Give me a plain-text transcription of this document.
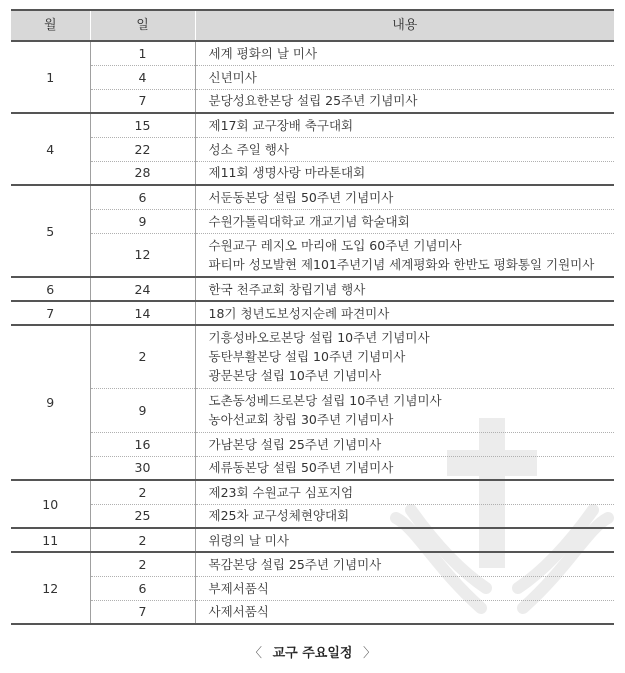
월	일	내용
1	1	세계 평화의 날 미사

	4	신년미사

	7	분당성요한본당 설립 25주년 기념미사

4	15	제17회 교구장배 축구대회

	22	성소 주일 행사

	28	제11회 생명사랑 마라톤대회

5	6	서둔동본당 설립 50주년 기념미사

	9	수원가톨릭대학교 개교기념 학술대회

	12	수원교구 레지오 마리애 도입 60주년 기념미사
파티마 성모발현 제101주년기념 세계평화와 한반도 평화통일 기원미사

6	24	한국 천주교회 창립기념 행사

7	14	18기 청년도보성지순례 파견미사

9	2	기흥성바오로본당 설립 10주년 기념미사
동탄부활본당 설립 10주년 기념미사
광문본당 설립 10주년 기념미사

	9	도촌동성베드로본당 설립 10주년 기념미사
농아선교회 창립 30주년 기념미사

	16	가남본당 설립 25주년 기념미사

	30	세류동본당 설립 50주년 기념미사

10	2	제23회 수원교구 심포지엄

	25	제25차 교구성체현양대회

11	2	위령의 날 미사

12	2	목감본당 설립 25주년 기념미사

	6	부제서품식

	7	사제서품식
〈 교구 주요일정 〉
